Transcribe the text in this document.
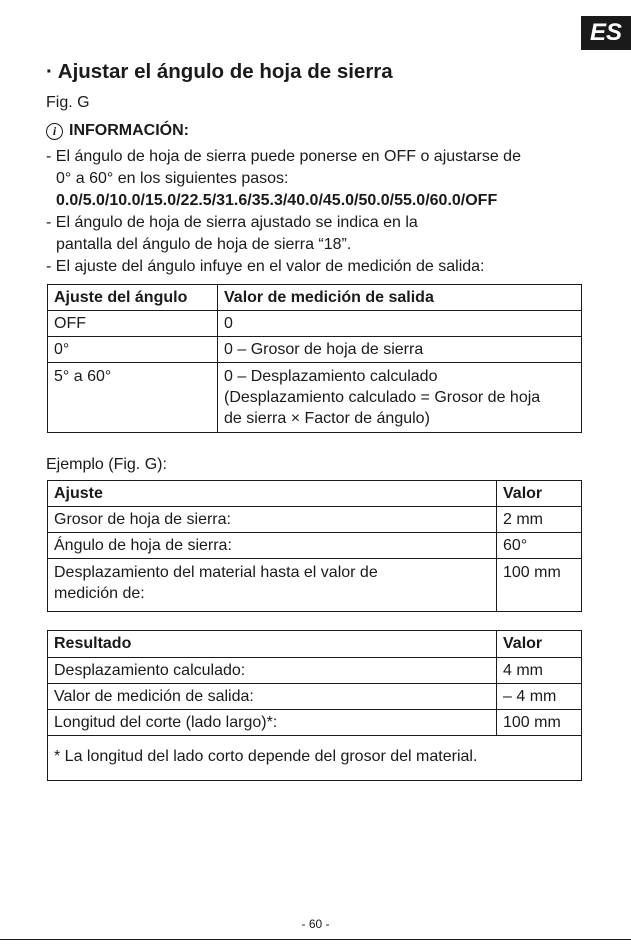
ES
· Ajustar el ángulo de hoja de sierra
Fig. G
i INFORMACIÓN:
- El ángulo de hoja de sierra puede ponerse en OFF o ajustarse de
0° a 60° en los siguientes pasos:
0.0/5.0/10.0/15.0/22.5/31.6/35.3/40.0/45.0/50.0/55.0/60.0/OFF
- El ángulo de hoja de sierra ajustado se indica en la
pantalla del ángulo de hoja de sierra “18”.
- El ajuste del ángulo infuye en el valor de medición de salida:
Ajuste del ángulo	Valor de medición de salida
OFF	0
0°	0 – Grosor de hoja de sierra
5° a 60°	0 – Desplazamiento calculado
(Desplazamiento calculado = Grosor de hoja
de sierra × Factor de ángulo)
Ejemplo (Fig. G):
Ajuste	Valor
Grosor de hoja de sierra:	2 mm
Ángulo de hoja de sierra:	60°

Desplazamiento del material hasta el valor de
medición de:	100 mm
Resultado	Valor
Desplazamiento calculado:	4 mm
Valor de medición de salida:	– 4 mm
Longitud del corte (lado largo)*:	100 mm
* La longitud del lado corto depende del grosor del material.	
- 60 -
